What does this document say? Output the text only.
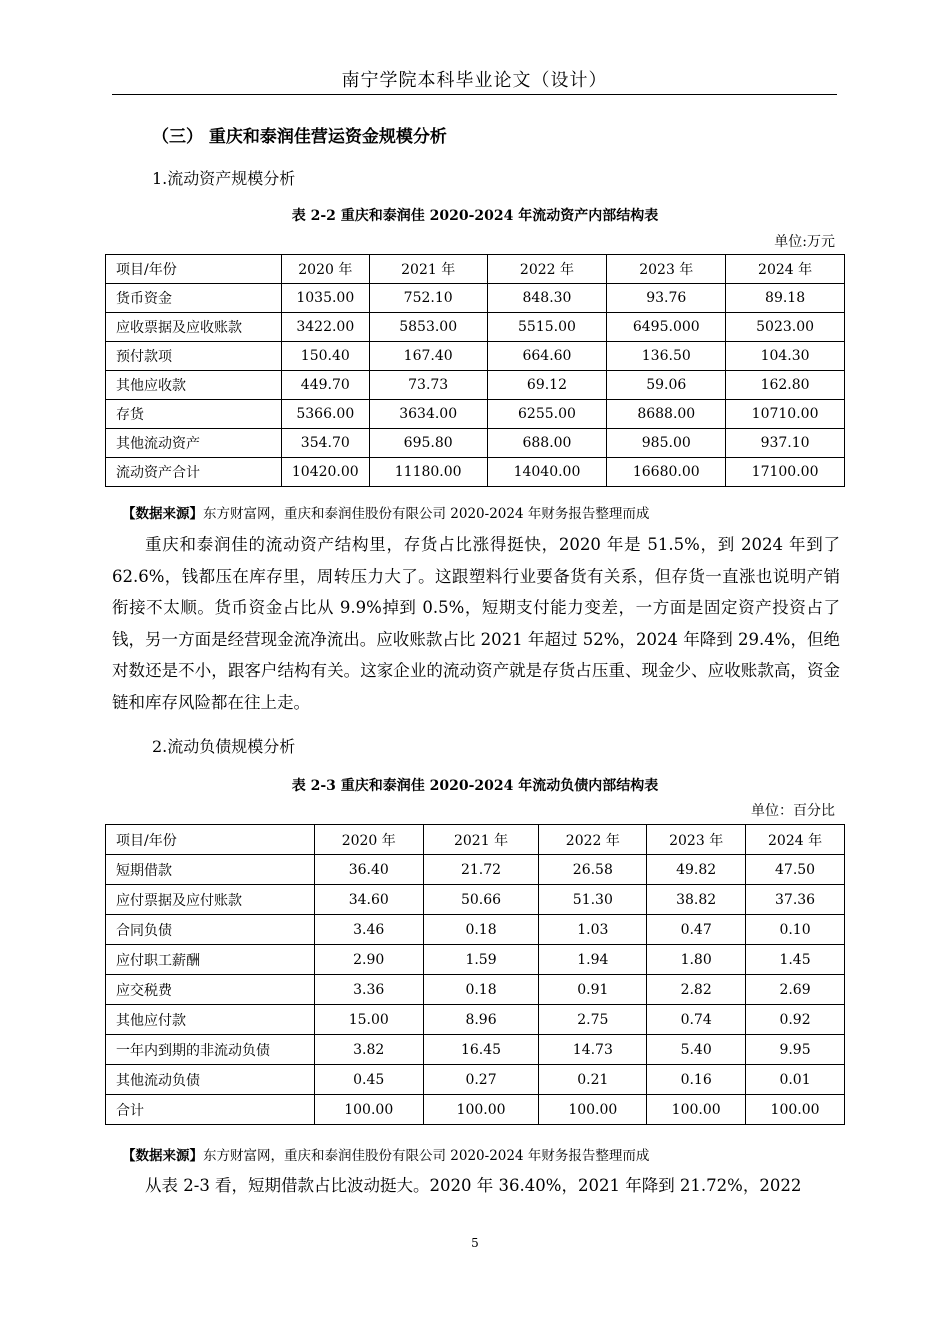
南宁学院本科毕业论文（设计）
（三） 重庆和泰润佳营运资金规模分析
1.流动资产规模分析
表 2-2 重庆和泰润佳 2020-2024 年流动资产内部结构表
单位:万元
项目/年份	2020 年	2021 年	2022 年	2023 年	2024 年
货币资金	1035.00	752.10	848.30	93.76	89.18
应收票据及应收账款	3422.00	5853.00	5515.00	6495.000	5023.00
预付款项	150.40	167.40	664.60	136.50	104.30
其他应收款	449.70	73.73	69.12	59.06	162.80
存货	5366.00	3634.00	6255.00	8688.00	10710.00
其他流动资产	354.70	695.80	688.00	985.00	937.10
流动资产合计	10420.00	11180.00	14040.00	16680.00	17100.00
【数据来源】东方财富网，重庆和泰润佳股份有限公司 2020-2024 年财务报告整理而成

重庆和泰润佳的流动资产结构里，存货占比涨得挺快，2020 年是 51.5%，到 2024 年到了 62.6%，钱都压在库存里，周转压力大了。这跟塑料行业要备货有关系，但存货一直涨也说明产销衔接不太顺。货币资金占比从 9.9%掉到 0.5%，短期支付能力变差，一方面是固定资产投资占了钱，另一方面是经营现金流净流出。应收账款占比 2021 年超过 52%，2024 年降到 29.4%，但绝对数还是不小，跟客户结构有关。这家企业的流动资产就是存货占压重、现金少、应收账款高，资金链和库存风险都在往上走。

2.流动负债规模分析
表 2-3 重庆和泰润佳 2020-2024 年流动负债内部结构表
单位：百分比
项目/年份	2020 年	2021 年	2022 年	2023 年	2024 年
短期借款	36.40	21.72	26.58	49.82	47.50
应付票据及应付账款	34.60	50.66	51.30	38.82	37.36
合同负债	3.46	0.18	1.03	0.47	0.10
应付职工薪酬	2.90	1.59	1.94	1.80	1.45
应交税费	3.36	0.18	0.91	2.82	2.69
其他应付款	15.00	8.96	2.75	0.74	0.92
一年内到期的非流动负债	3.82	16.45	14.73	5.40	9.95
其他流动负债	0.45	0.27	0.21	0.16	0.01
合计	100.00	100.00	100.00	100.00	100.00
【数据来源】东方财富网，重庆和泰润佳股份有限公司 2020-2024 年财务报告整理而成

从表 2-3 看，短期借款占比波动挺大。2020 年 36.40%，2021 年降到 21.72%，2022

5
